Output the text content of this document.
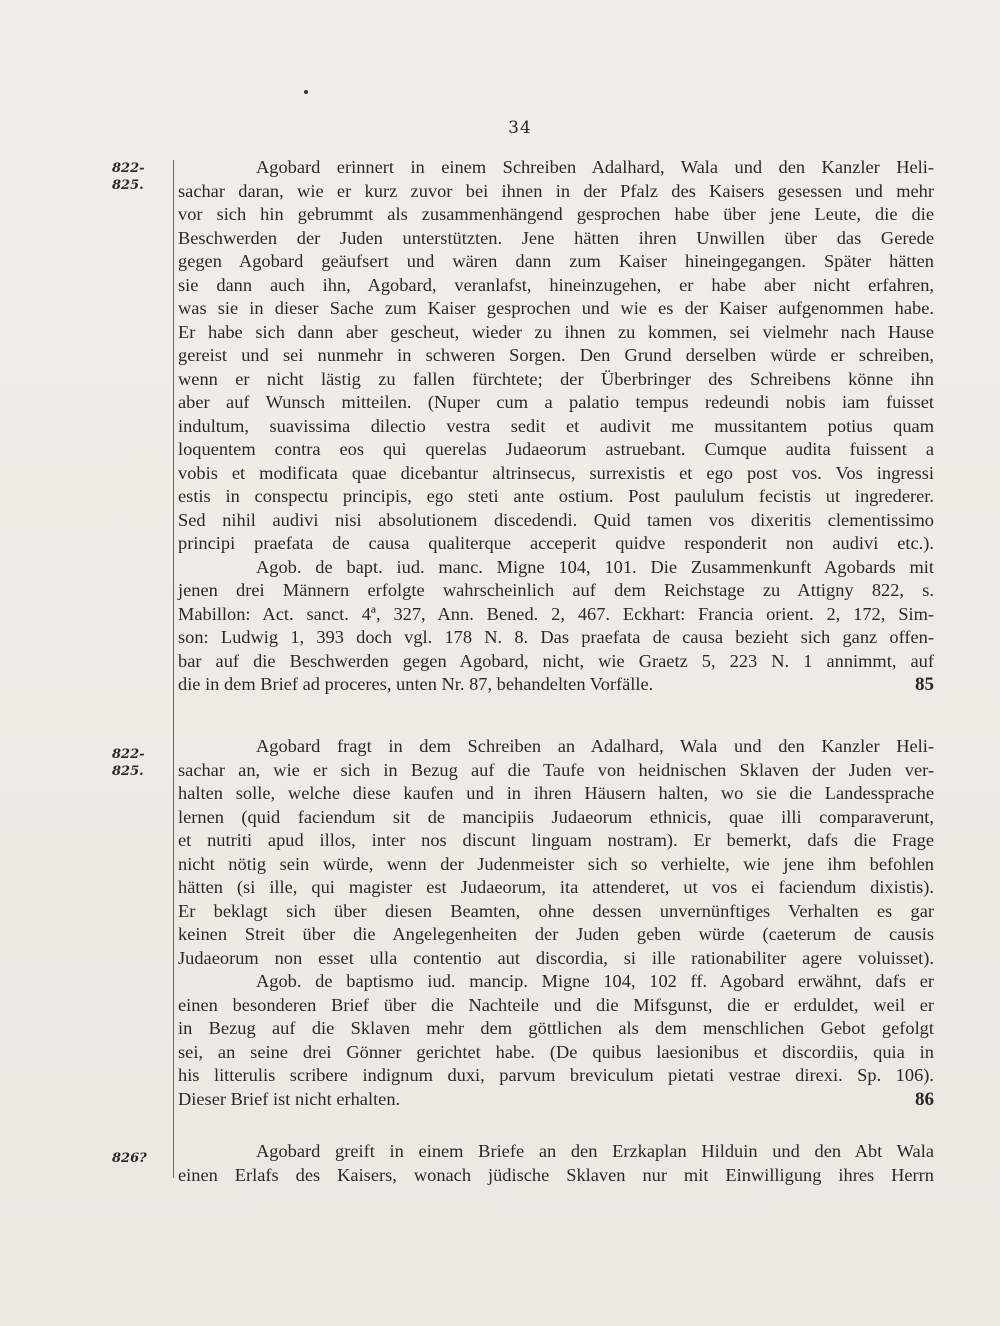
34
822-
825.
Agobard erinnert in einem Schreiben Adalhard, Wala und den Kanzler Heli-
sachar daran, wie er kurz zuvor bei ihnen in der Pfalz des Kaisers gesessen und mehr
vor sich hin gebrummt als zusammenhängend gesprochen habe über jene Leute, die die
Beschwerden der Juden unterstützten. Jene hätten ihren Unwillen über das Gerede
gegen Agobard geäufsert und wären dann zum Kaiser hineingegangen. Später hätten
sie dann auch ihn, Agobard, veranlafst, hineinzugehen, er habe aber nicht erfahren,
was sie in dieser Sache zum Kaiser gesprochen und wie es der Kaiser aufgenommen habe.
Er habe sich dann aber gescheut, wieder zu ihnen zu kommen, sei vielmehr nach Hause
gereist und sei nunmehr in schweren Sorgen. Den Grund derselben würde er schreiben,
wenn er nicht lästig zu fallen fürchtete; der Überbringer des Schreibens könne ihn
aber auf Wunsch mitteilen. (Nuper cum a palatio tempus redeundi nobis iam fuisset
indultum, suavissima dilectio vestra sedit et audivit me mussitantem potius quam
loquentem contra eos qui querelas Judaeorum astruebant. Cumque audita fuissent a
vobis et modificata quae dicebantur altrinsecus, surrexistis et ego post vos. Vos ingressi
estis in conspectu principis, ego steti ante ostium. Post paululum fecistis ut ingrederer.
Sed nihil audivi nisi absolutionem discedendi. Quid tamen vos dixeritis clementissimo
principi praefata de causa qualiterque acceperit quidve responderit non audivi etc.).
Agob. de bapt. iud. manc. Migne 104, 101. Die Zusammenkunft Agobards mit
jenen drei Männern erfolgte wahrscheinlich auf dem Reichstage zu Attigny 822, s.
Mabillon: Act. sanct. 4ª, 327, Ann. Bened. 2, 467. Eckhart: Francia orient. 2, 172, Sim-
son: Ludwig 1, 393 doch vgl. 178 N. 8. Das praefata de causa bezieht sich ganz offen-
bar auf die Beschwerden gegen Agobard, nicht, wie Graetz 5, 223 N. 1 annimmt, auf
die in dem Brief ad proceres, unten Nr. 87, behandelten Vorfälle.	85
822-
825.
Agobard fragt in dem Schreiben an Adalhard, Wala und den Kanzler Heli-
sachar an, wie er sich in Bezug auf die Taufe von heidnischen Sklaven der Juden ver-
halten solle, welche diese kaufen und in ihren Häusern halten, wo sie die Landessprache
lernen (quid faciendum sit de mancipiis Judaeorum ethnicis, quae illi comparaverunt,
et nutriti apud illos, inter nos discunt linguam nostram). Er bemerkt, dafs die Frage
nicht nötig sein würde, wenn der Judenmeister sich so verhielte, wie jene ihm befohlen
hätten (si ille, qui magister est Judaeorum, ita attenderet, ut vos ei faciendum dixistis).
Er beklagt sich über diesen Beamten, ohne dessen unvernünftiges Verhalten es gar
keinen Streit über die Angelegenheiten der Juden geben würde (caeterum de causis
Judaeorum non esset ulla contentio aut discordia, si ille rationabiliter agere voluisset).
Agob. de baptismo iud. mancip. Migne 104, 102 ff. Agobard erwähnt, dafs er
einen besonderen Brief über die Nachteile und die Mifsgunst, die er erduldet, weil er
in Bezug auf die Sklaven mehr dem göttlichen als dem menschlichen Gebot gefolgt
sei, an seine drei Gönner gerichtet habe. (De quibus laesionibus et discordiis, quia in
his litterulis scribere indignum duxi, parvum breviculum pietati vestrae direxi. Sp. 106).
Dieser Brief ist nicht erhalten.	86
826?	Agobard greift in einem Briefe an den Erzkaplan Hilduin und den Abt Wala
einen Erlafs des Kaisers, wonach jüdische Sklaven nur mit Einwilligung ihres Herrn
